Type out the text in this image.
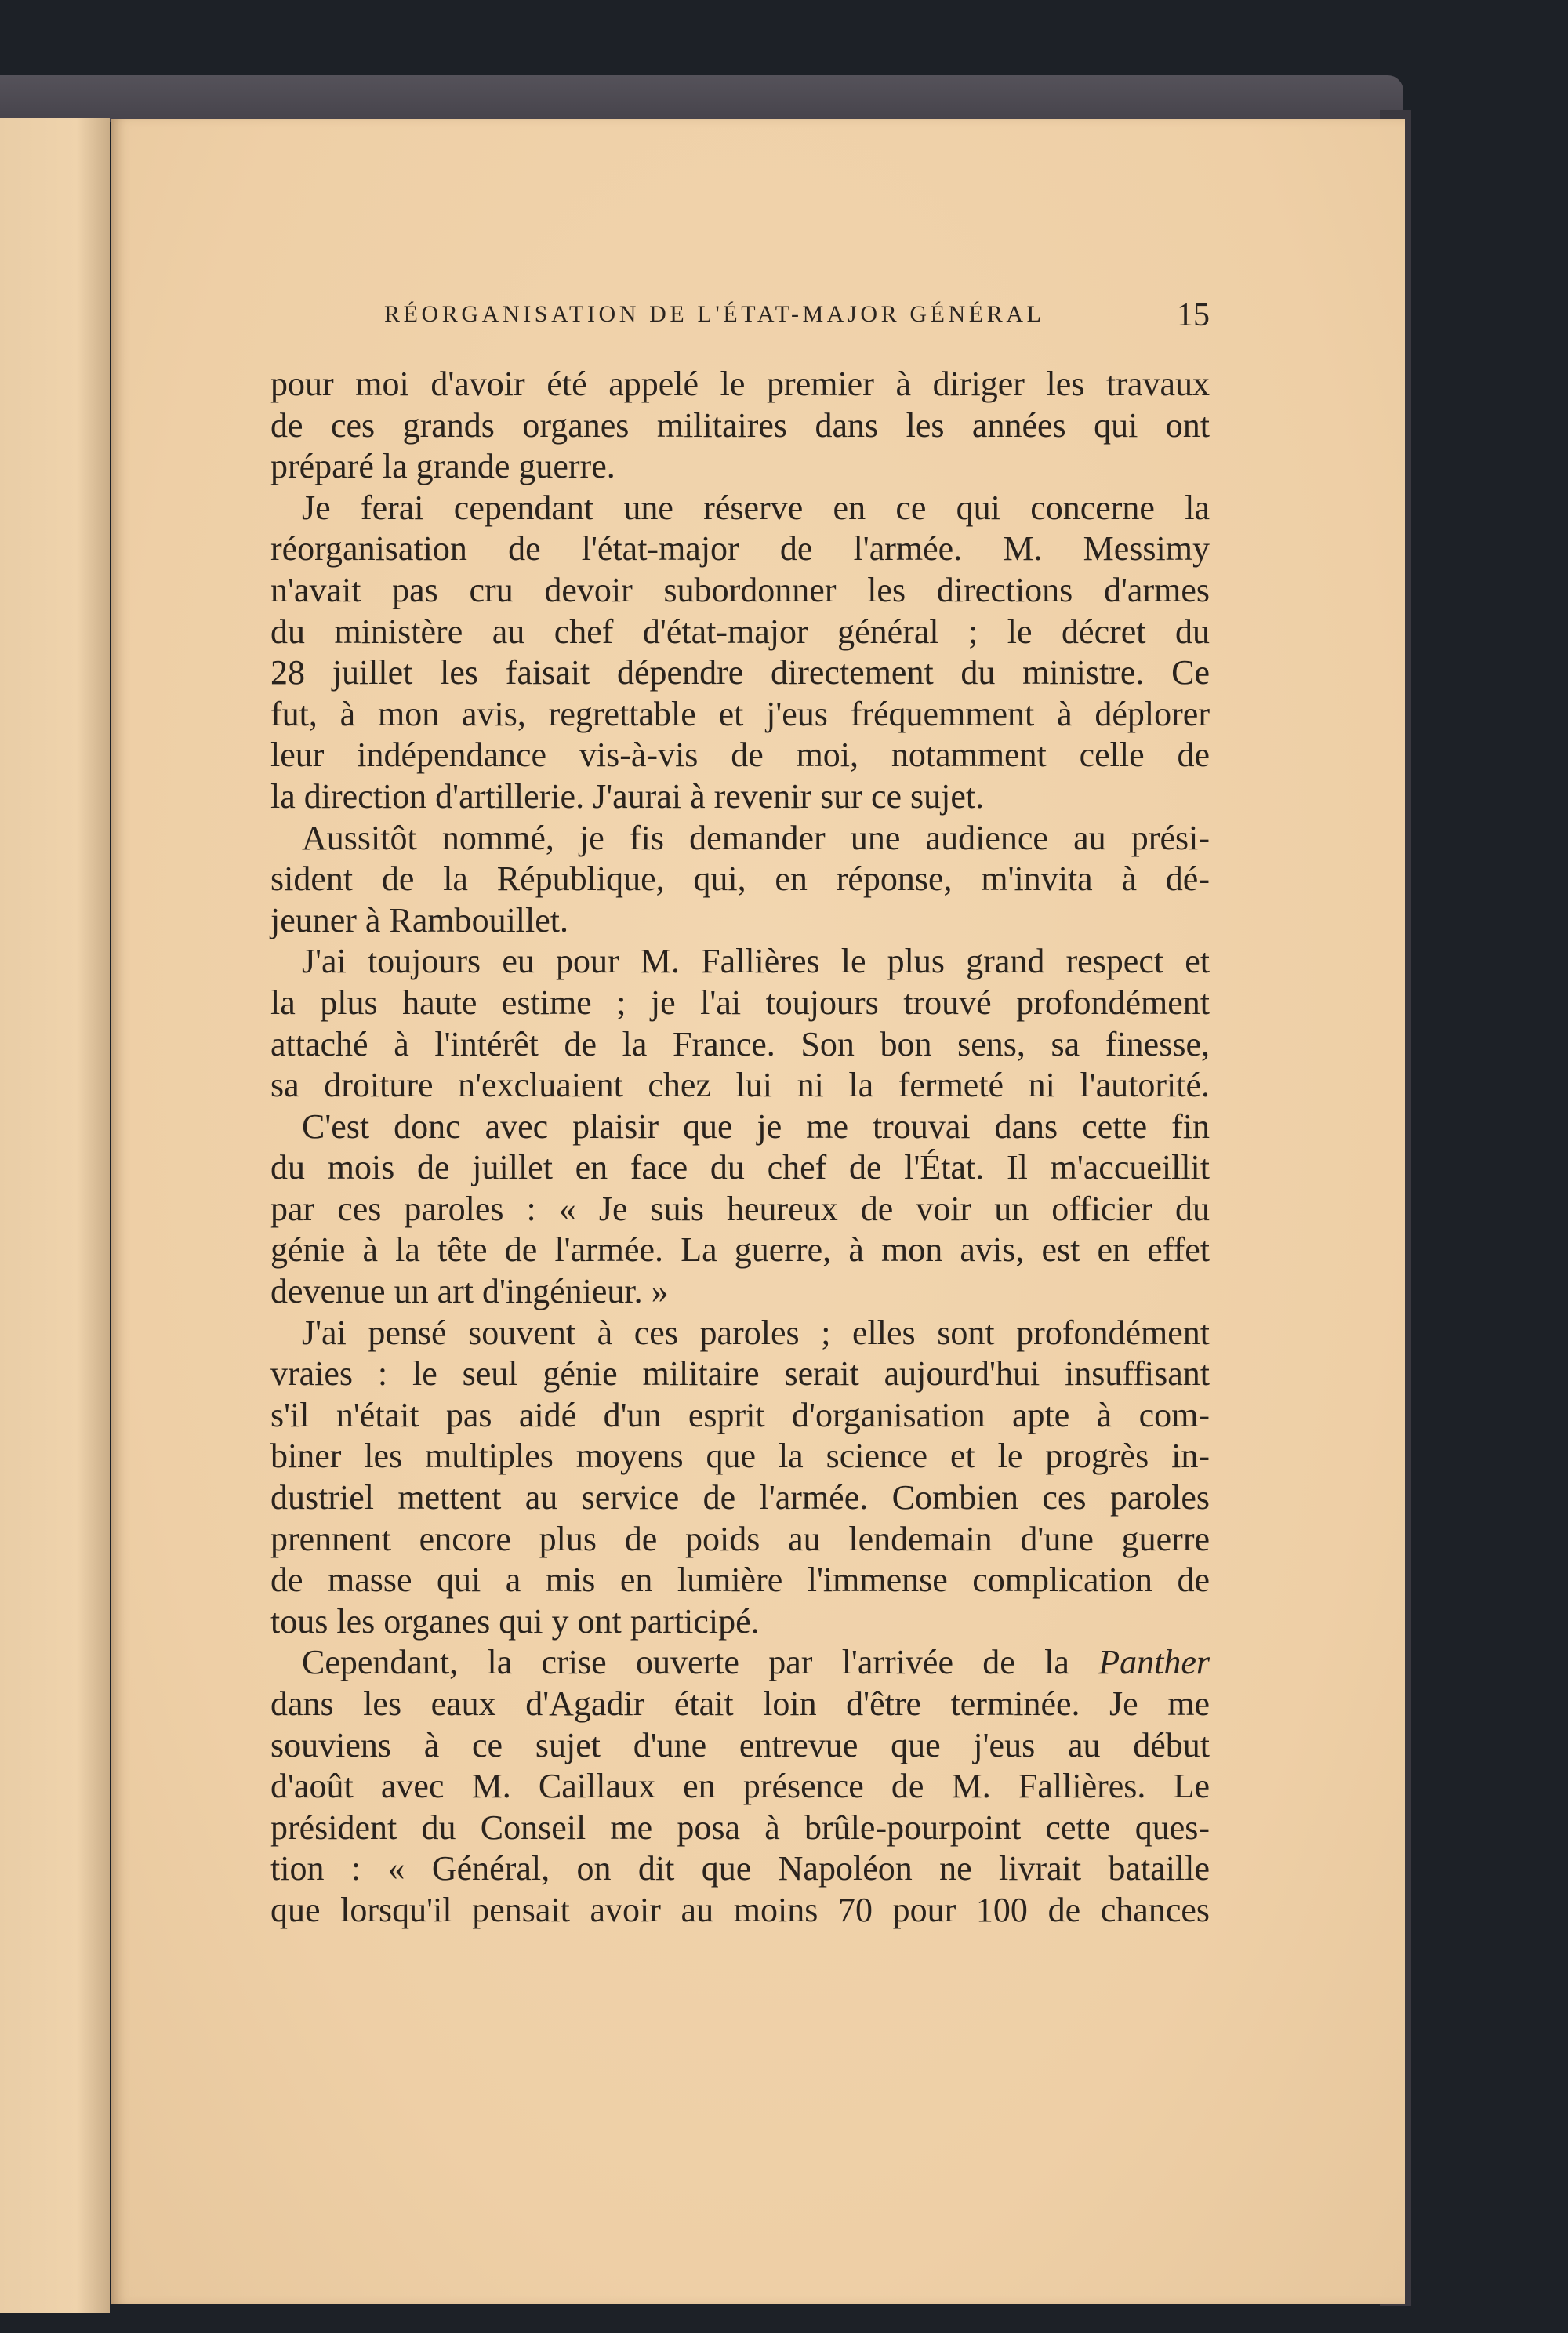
RÉORGANISATION DE L'ÉTAT-MAJOR GÉNÉRAL	15
pour moi d'avoir été appelé le premier à diriger les travaux
de ces grands organes militaires dans les années qui ont
préparé la grande guerre.
Je ferai cependant une réserve en ce qui concerne la
réorganisation de l'état-major de l'armée. M. Messimy
n'avait pas cru devoir subordonner les directions d'armes
du ministère au chef d'état-major général ; le décret du
28 juillet les faisait dépendre directement du ministre. Ce
fut, à mon avis, regrettable et j'eus fréquemment à déplorer
leur indépendance vis-à-vis de moi, notamment celle de
la direction d'artillerie. J'aurai à revenir sur ce sujet.
Aussitôt nommé, je fis demander une audience au prési-
sident de la République, qui, en réponse, m'invita à dé-
jeuner à Rambouillet.
J'ai toujours eu pour M. Fallières le plus grand respect et
la plus haute estime ; je l'ai toujours trouvé profondément
attaché à l'intérêt de la France. Son bon sens, sa finesse,
sa droiture n'excluaient chez lui ni la fermeté ni l'autorité.
C'est donc avec plaisir que je me trouvai dans cette fin
du mois de juillet en face du chef de l'État. Il m'accueillit
par ces paroles : « Je suis heureux de voir un officier du
génie à la tête de l'armée. La guerre, à mon avis, est en effet
devenue un art d'ingénieur. »
J'ai pensé souvent à ces paroles ; elles sont profondément
vraies : le seul génie militaire serait aujourd'hui insuffisant
s'il n'était pas aidé d'un esprit d'organisation apte à com-
biner les multiples moyens que la science et le progrès in-
dustriel mettent au service de l'armée. Combien ces paroles
prennent encore plus de poids au lendemain d'une guerre
de masse qui a mis en lumière l'immense complication de
tous les organes qui y ont participé.
Cependant, la crise ouverte par l'arrivée de la Panther
dans les eaux d'Agadir était loin d'être terminée. Je me
souviens à ce sujet d'une entrevue que j'eus au début
d'août avec M. Caillaux en présence de M. Fallières. Le
président du Conseil me posa à brûle-pourpoint cette ques-
tion : « Général, on dit que Napoléon ne livrait bataille
que lorsqu'il pensait avoir au moins 70 pour 100 de chances
